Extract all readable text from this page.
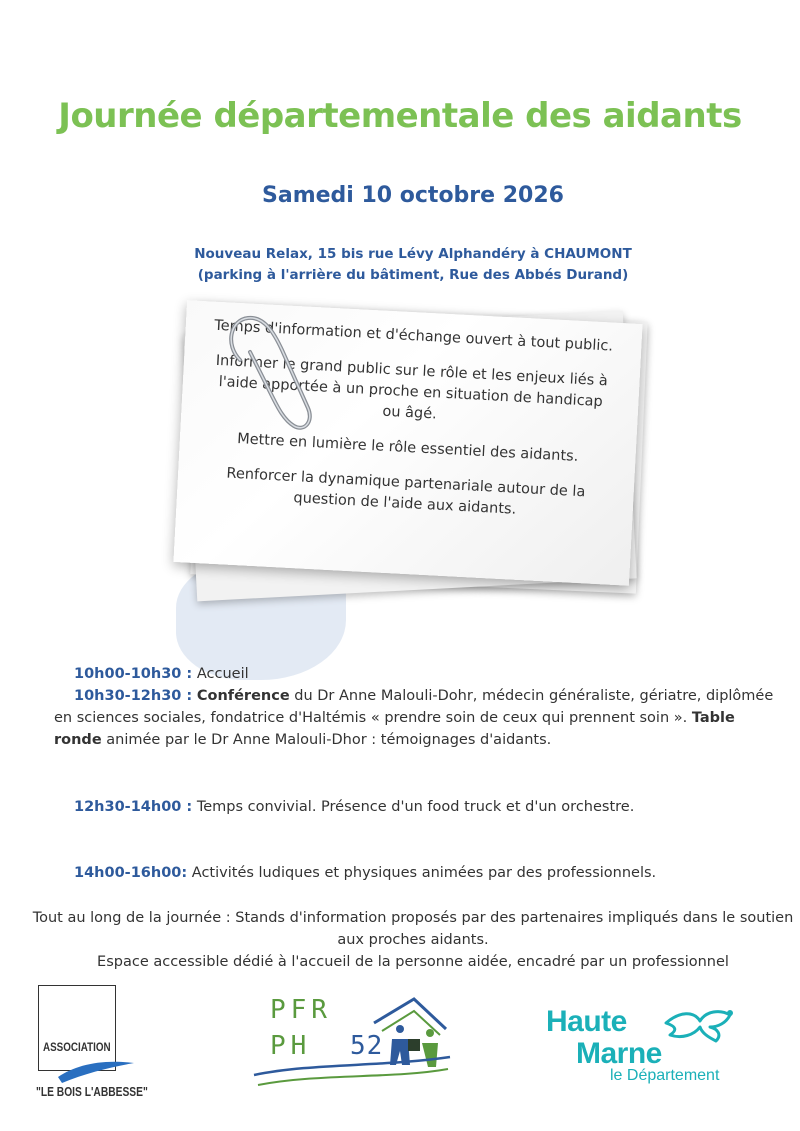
Journée départementale des aidants
Samedi 10 octobre 2026
Nouveau Relax, 15 bis rue Lévy Alphandéry à CHAUMONT
(parking à l'arrière du bâtiment, Rue des Abbés Durand)

Temps d'information et d'échange ouvert à tout public.

Informer le grand public sur le rôle et les enjeux liés à l'aide apportée à un proche en situation de handicap ou âgé.

Mettre en lumière le rôle essentiel des aidants.

Renforcer la dynamique partenariale autour de la question de l'aide aux aidants.

10h00-10h30 : Accueil
10h30-12h30 : Conférence du Dr Anne Malouli-Dohr, médecin généraliste, gériatre, diplômée en sciences sociales, fondatrice d'Haltémis « prendre soin de ceux qui prennent soin ». Table ronde animée par le Dr Anne Malouli-Dhor : témoignages d'aidants.
12h30-14h00 : Temps convivial. Présence d'un food truck et d'un orchestre.
14h00-16h00: Activités ludiques et physiques animées par des professionnels.
Tout au long de la journée : Stands d'information proposés par des partenaires impliqués dans le soutien aux proches aidants.
Espace accessible dédié à l'accueil de la personne aidée, encadré par un professionnel
ASSOCIATION
"LE BOIS L'ABBESSE"
PFR
PH 52
Haute
Marne
le Département
